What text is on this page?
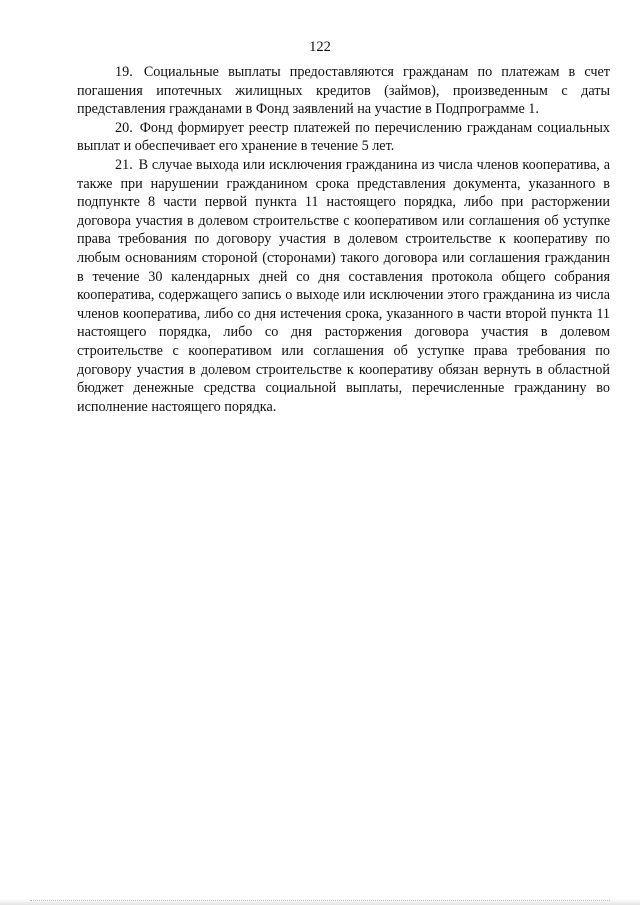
122

19. Социальные выплаты предоставляются гражданам по платежам в счет погашения ипотечных жилищных кредитов (займов), произведенным с даты представления гражданами в Фонд заявлений на участие в Подпрограмме 1.

20. Фонд формирует реестр платежей по перечислению гражданам социальных выплат и обеспечивает его хранение в течение 5 лет.

21. В случае выхода или исключения гражданина из числа членов кооператива, а также при нарушении гражданином срока представления документа, указанного в подпункте 8 части первой пункта 11 настоящего порядка, либо при расторжении договора участия в долевом строительстве с кооперативом или соглашения об уступке права требования по договору участия в долевом строительстве к кооперативу по любым основаниям стороной (сторонами) такого договора или соглашения гражданин в течение 30 календарных дней со дня составления протокола общего собрания кооператива, содержащего запись о выходе или исключении этого гражданина из числа членов кооператива, либо со дня истечения срока, указанного в части второй пункта 11 настоящего порядка, либо со дня расторжения договора участия в долевом строительстве с кооперативом или соглашения об уступке права требования по договору участия в долевом строительстве к кооперативу обязан вернуть в областной бюджет денежные средства социальной выплаты, перечисленные гражданину во исполнение настоящего порядка.
